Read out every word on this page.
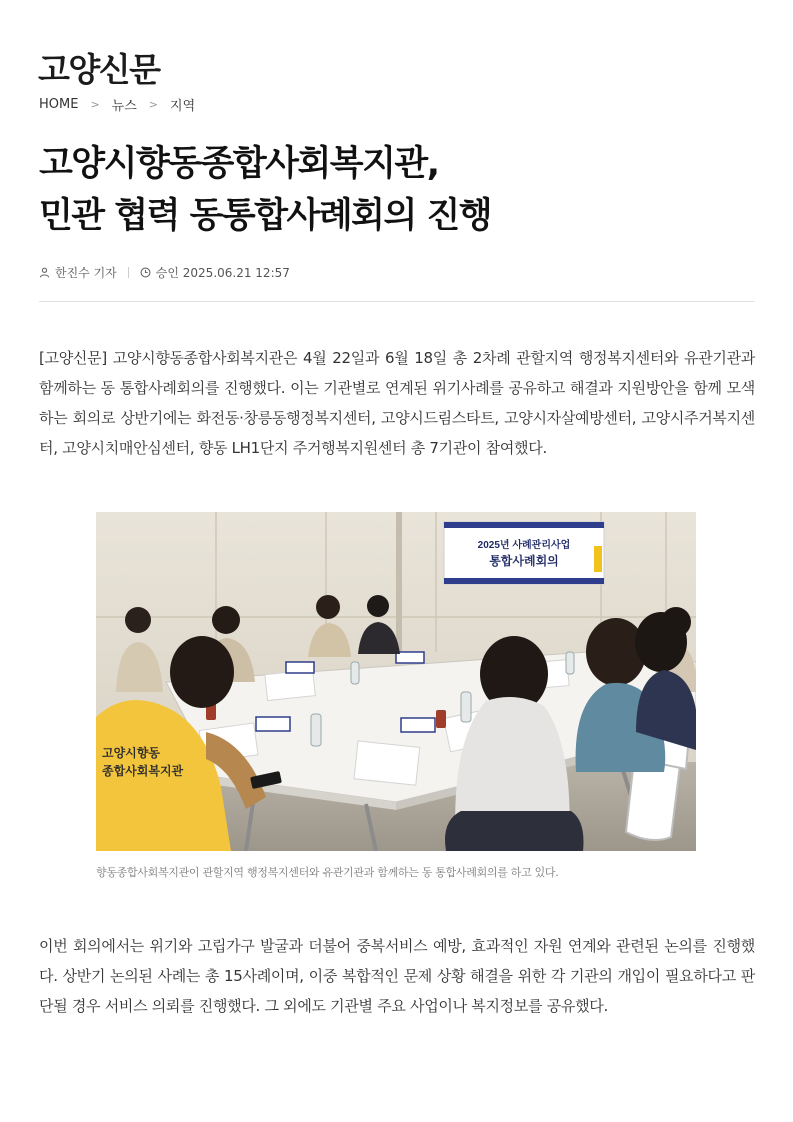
고양신문
HOME > 뉴스 > 지역
고양시향동종합사회복지관,
민관 협력 동통합사례회의 진행
한진수 기자	승인 2025.06.21 12:57

[고양신문] 고양시향동종합사회복지관은 4월 22일과 6월 18일 총 2차례 관할지역 행정복지센터와 유관기관과 함께하는 동 통합사례회의를 진행했다. 이는 기관별로 연계된 위기사례를 공유하고 해결과 지원방안을 함께 모색하는 회의로 상반기에는 화전동·창릉동행정복지센터, 고양시드림스타트, 고양시자살예방센터, 고양시주거복지센터, 고양시치매안심센터, 향동 LH1단지 주거행복지원센터 총 7기관이 참여했다.

2025년 사례관리사업
통합사례회의
고양시향동
종합사회복지관

향동종합사회복지관이 관할지역 행정복지센터와 유관기관과 함께하는 동 통합사례회의를 하고 있다.

이번 회의에서는 위기와 고립가구 발굴과 더불어 중복서비스 예방, 효과적인 자원 연계와 관련된 논의를 진행했다. 상반기 논의된 사례는 총 15사례이며, 이중 복합적인 문제 상황 해결을 위한 각 기관의 개입이 필요하다고 판단될 경우 서비스 의뢰를 진행했다. 그 외에도 기관별 주요 사업이나 복지정보를 공유했다.
